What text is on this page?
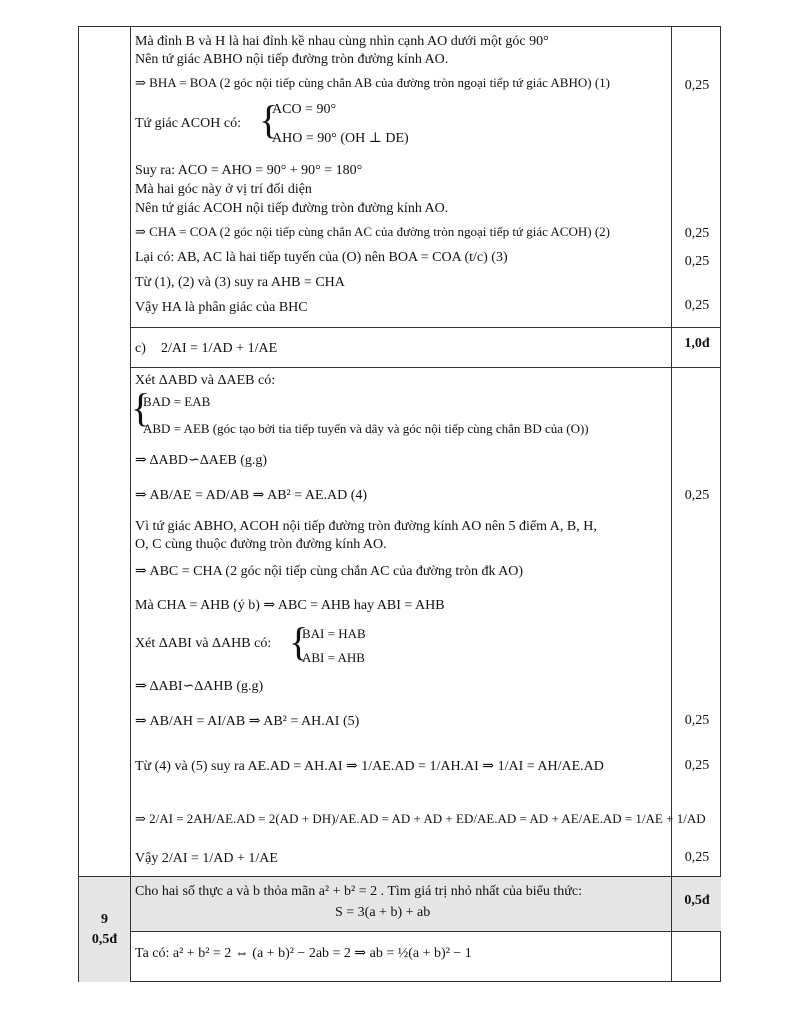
Mà đỉnh B và H là hai đỉnh kề nhau cùng nhìn cạnh AO dưới một góc 90°
Nên tứ giác ABHO nội tiếp đường tròn đường kính AO.
⇒ BHA = BOA (2 góc nội tiếp cùng chắn AB của đường tròn ngoại tiếp tứ giác ABHO) (1)
Tứ giác ACOH có: {
ACO = 90°
AHO = 90° (OH ⊥ DE)
Suy ra: ACO = AHO = 90° + 90° = 180°
Mà hai góc này ở vị trí đối diện
Nên tứ giác ACOH nội tiếp đường tròn đường kính AO.
⇒ CHA = COA (2 góc nội tiếp cùng chắn AC của đường tròn ngoại tiếp tứ giác ACOH) (2)
Lại có: AB, AC là hai tiếp tuyến của (O) nên BOA = COA (t/c) (3)
Từ (1), (2) và (3) suy ra AHB = CHA
Vậy HA là phân giác của BHC
c) 2/AI = 1/AD + 1/AE	1,0đ
Xét ΔABD và ΔAEB có:
{
BAD = EAB
ABD = AEB (góc tạo bởi tia tiếp tuyến và dây và góc nội tiếp cùng chắn BD của (O))
⇒ ΔABD∽ΔAEB (g.g)
⇒ AB/AE = AD/AB ⇒ AB² = AE.AD (4)
Vì tứ giác ABHO, ACOH nội tiếp đường tròn đường kính AO nên 5 điểm A, B, H,
O, C cùng thuộc đường tròn đường kính AO.
⇒ ABC = CHA (2 góc nội tiếp cùng chắn AC của đường tròn đk AO)
Mà CHA = AHB (ý b) ⇒ ABC = AHB hay ABI = AHB
Xét ΔABI và ΔAHB có: {
BAI = HAB
ABI = AHB
⇒ ΔABI∽ΔAHB (g.g)
⇒ AB/AH = AI/AB ⇒ AB² = AH.AI (5)
Từ (4) và (5) suy ra AE.AD = AH.AI ⇒ 1/AE.AD = 1/AH.AI ⇒ 1/AI = AH/AE.AD
⇒ 2/AI = 2AH/AE.AD = 2(AD + DH)/AE.AD = AD + AD + ED/AE.AD = AD + AE/AE.AD = 1/AE + 1/AD
Vậy 2/AI = 1/AD + 1/AE
0,25
0,25
0,25
0,25
0,25
0,25
0,25
0,25
9
0,5đ
Cho hai số thực a và b thỏa mãn a² + b² = 2 . Tìm giá trị nhỏ nhất của biểu thức:
S = 3(a + b) + ab
0,5đ
Ta có: a² + b² = 2 ⇔ (a + b)² − 2ab = 2 ⇒ ab = ½(a + b)² − 1
